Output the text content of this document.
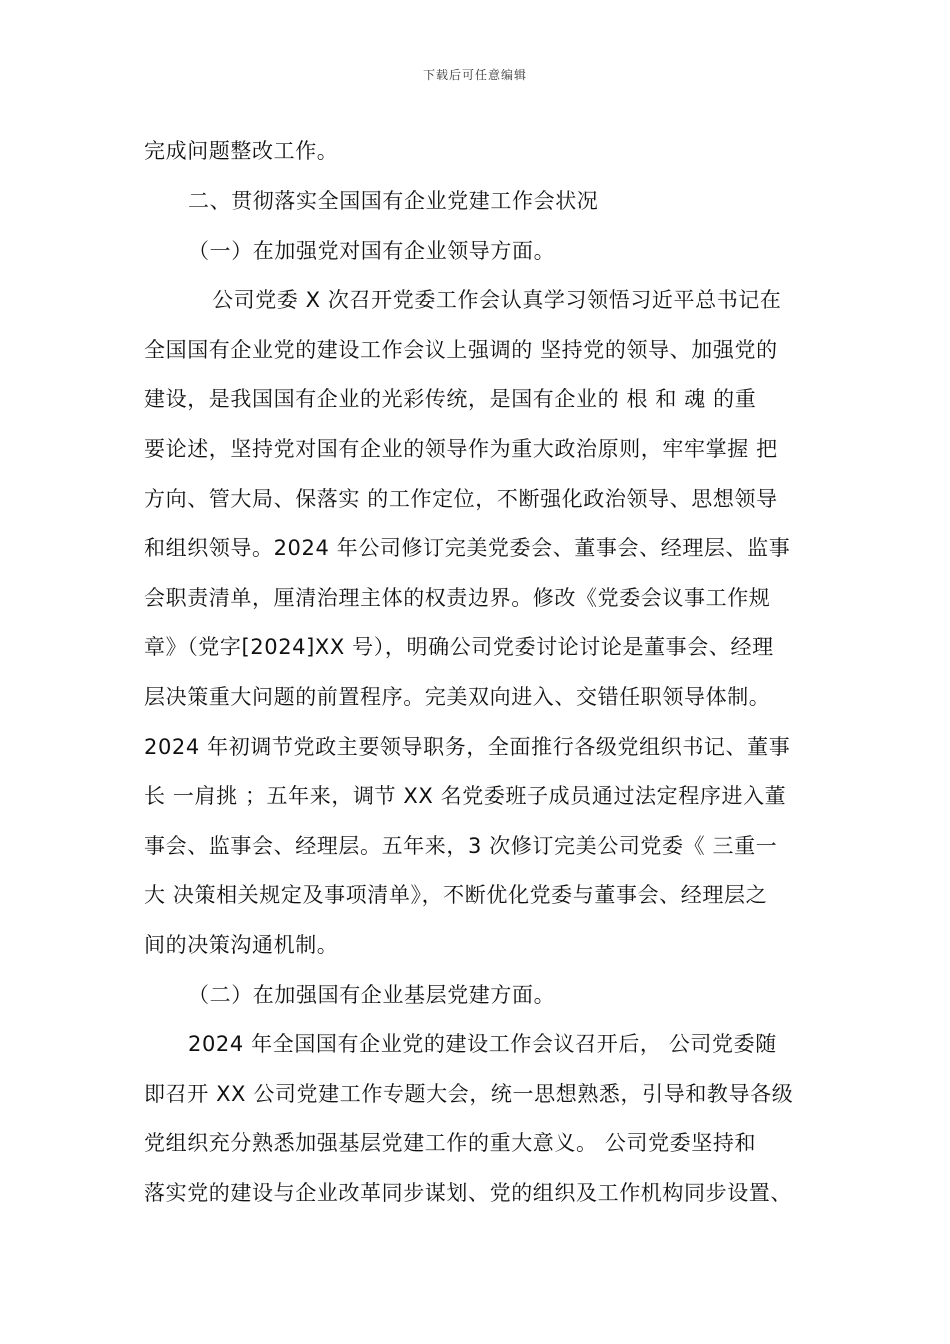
下载后可任意编辑
完成问题整改工作。
二、贯彻落实全国国有企业党建工作会状况
（一）在加强党对国有企业领导方面。
公司党委 X 次召开党委工作会认真学习领悟习近平总书记在
全国国有企业党的建设工作会议上强调的 坚持党的领导、加强党的
建设，是我国国有企业的光彩传统，是国有企业的 根 和 魂 的重
要论述，坚持党对国有企业的领导作为重大政治原则，牢牢掌握 把
方向、管大局、保落实 的工作定位，不断强化政治领导、思想领导
和组织领导。2024 年公司修订完美党委会、董事会、经理层、监事
会职责清单，厘清治理主体的权责边界。修改《党委会议事工作规
章》（党字[2024]XX 号），明确公司党委讨论讨论是董事会、经理
层决策重大问题的前置程序。完美双向进入、交错任职领导体制。
2024 年初调节党政主要领导职务，全面推行各级党组织书记、董事
长 一肩挑 ；五年来，调节 XX 名党委班子成员通过法定程序进入董
事会、监事会、经理层。五年来，3 次修订完美公司党委《 三重一
大 决策相关规定及事项清单》，不断优化党委与董事会、经理层之
间的决策沟通机制。
（二）在加强国有企业基层党建方面。
2024 年全国国有企业党的建设工作会议召开后， 公司党委随
即召开 XX 公司党建工作专题大会，统一思想熟悉，引导和教导各级
党组织充分熟悉加强基层党建工作的重大意义。 公司党委坚持和
落实党的建设与企业改革同步谋划、党的组织及工作机构同步设置、
